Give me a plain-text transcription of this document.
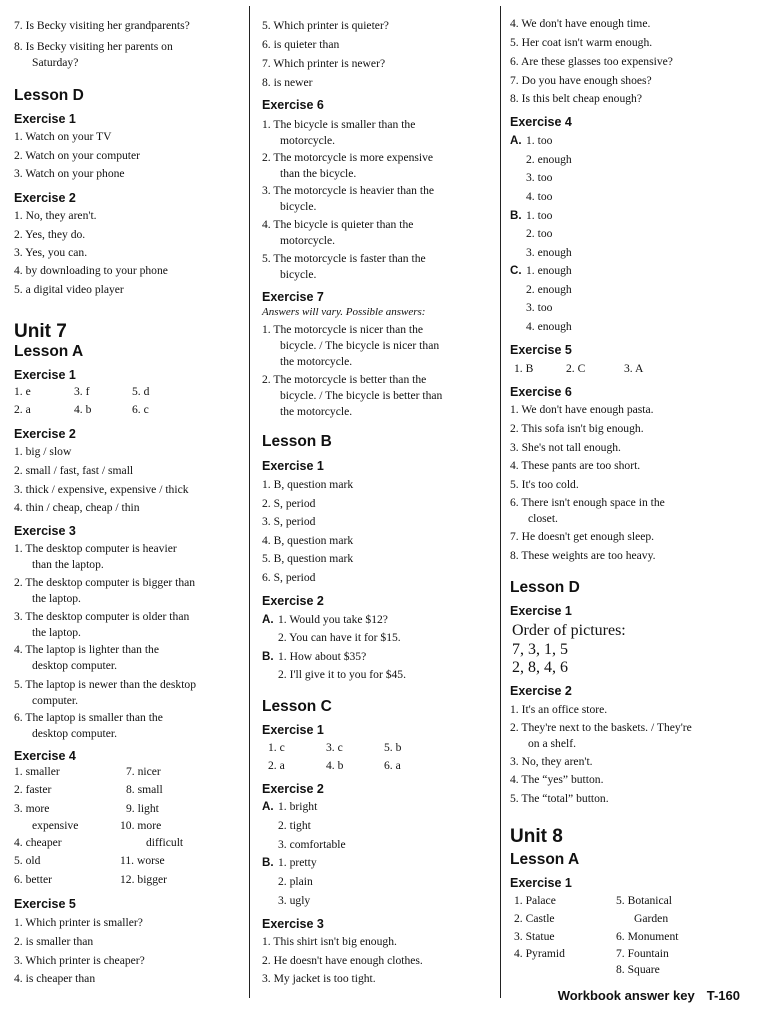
7. Is Becky visiting her grandparents?
8. Is Becky visiting her parents on
Saturday?
Lesson D
Exercise 1
1. Watch on your TV
2. Watch on your computer
3. Watch on your phone
Exercise 2
1. No, they aren't.
2. Yes, they do.
3. Yes, you can.
4. by downloading to your phone
5. a digital video player
Unit 7
Lesson A
Exercise 1
1. e	3. f	5. d
2. a	4. b	6. c
Exercise 2
1. big / slow
2. small / fast, fast / small
3. thick / expensive, expensive / thick
4. thin / cheap, cheap / thin
Exercise 3
1. The desktop computer is heavier
than the laptop.
2. The desktop computer is bigger than
the laptop.
3. The desktop computer is older than
the laptop.
4. The laptop is lighter than the
desktop computer.
5. The laptop is newer than the desktop
computer.
6. The laptop is smaller than the
desktop computer.
Exercise 4
1. smaller	7. nicer
2. faster	8. small
3. more	9. light
expensive	10. more
4. cheaper	difficult
5. old	11. worse
6. better	12. bigger
Exercise 5
1. Which printer is smaller?
2. is smaller than
3. Which printer is cheaper?
4. is cheaper than
5. Which printer is quieter?
6. is quieter than
7. Which printer is newer?
8. is newer
Exercise 6
1. The bicycle is smaller than the
motorcycle.
2. The motorcycle is more expensive
than the bicycle.
3. The motorcycle is heavier than the
bicycle.
4. The bicycle is quieter than the
motorcycle.
5. The motorcycle is faster than the
bicycle.
Exercise 7
Answers will vary. Possible answers:
1. The motorcycle is nicer than the
bicycle. / The bicycle is nicer than
the motorcycle.
2. The motorcycle is better than the
bicycle. / The bicycle is better than
the motorcycle.
Lesson B
Exercise 1
1. B, question mark
2. S, period
3. S, period
4. B, question mark
5. B, question mark
6. S, period
Exercise 2
A. 1. Would you take $12?
2. You can have it for $15.
B. 1. How about $35?
2. I'll give it to you for $45.
Lesson C
Exercise 1
1. c	3. c	5. b
2. a	4. b	6. a
Exercise 2
A. 1. bright
2. tight
3. comfortable
B. 1. pretty
2. plain
3. ugly
Exercise 3
1. This shirt isn't big enough.
2. He doesn't have enough clothes.
3. My jacket is too tight.
4. We don't have enough time.
5. Her coat isn't warm enough.
6. Are these glasses too expensive?
7. Do you have enough shoes?
8. Is this belt cheap enough?
Exercise 4
A. 1. too
2. enough
3. too
4. too
B. 1. too
2. too
3. enough
C. 1. enough
2. enough
3. too
4. enough
Exercise 5
1. B	2. C	3. A
Exercise 6
1. We don't have enough pasta.
2. This sofa isn't big enough.
3. She's not tall enough.
4. These pants are too short.
5. It's too cold.
6. There isn't enough space in the
closet.
7. He doesn't get enough sleep.
8. These weights are too heavy.
Lesson D
Exercise 1
Order of pictures:
7, 3, 1, 5
2, 8, 4, 6
Exercise 2
1. It's an office store.
2. They're next to the baskets. / They're
on a shelf.
3. No, they aren't.
4. The “yes” button.
5. The “total” button.
Unit 8
Lesson A
Exercise 1
1. Palace	5. Botanical
2. Castle	Garden
3. Statue	6. Monument
4. Pyramid	7. Fountain
8. Square
Workbook answer key T-160
